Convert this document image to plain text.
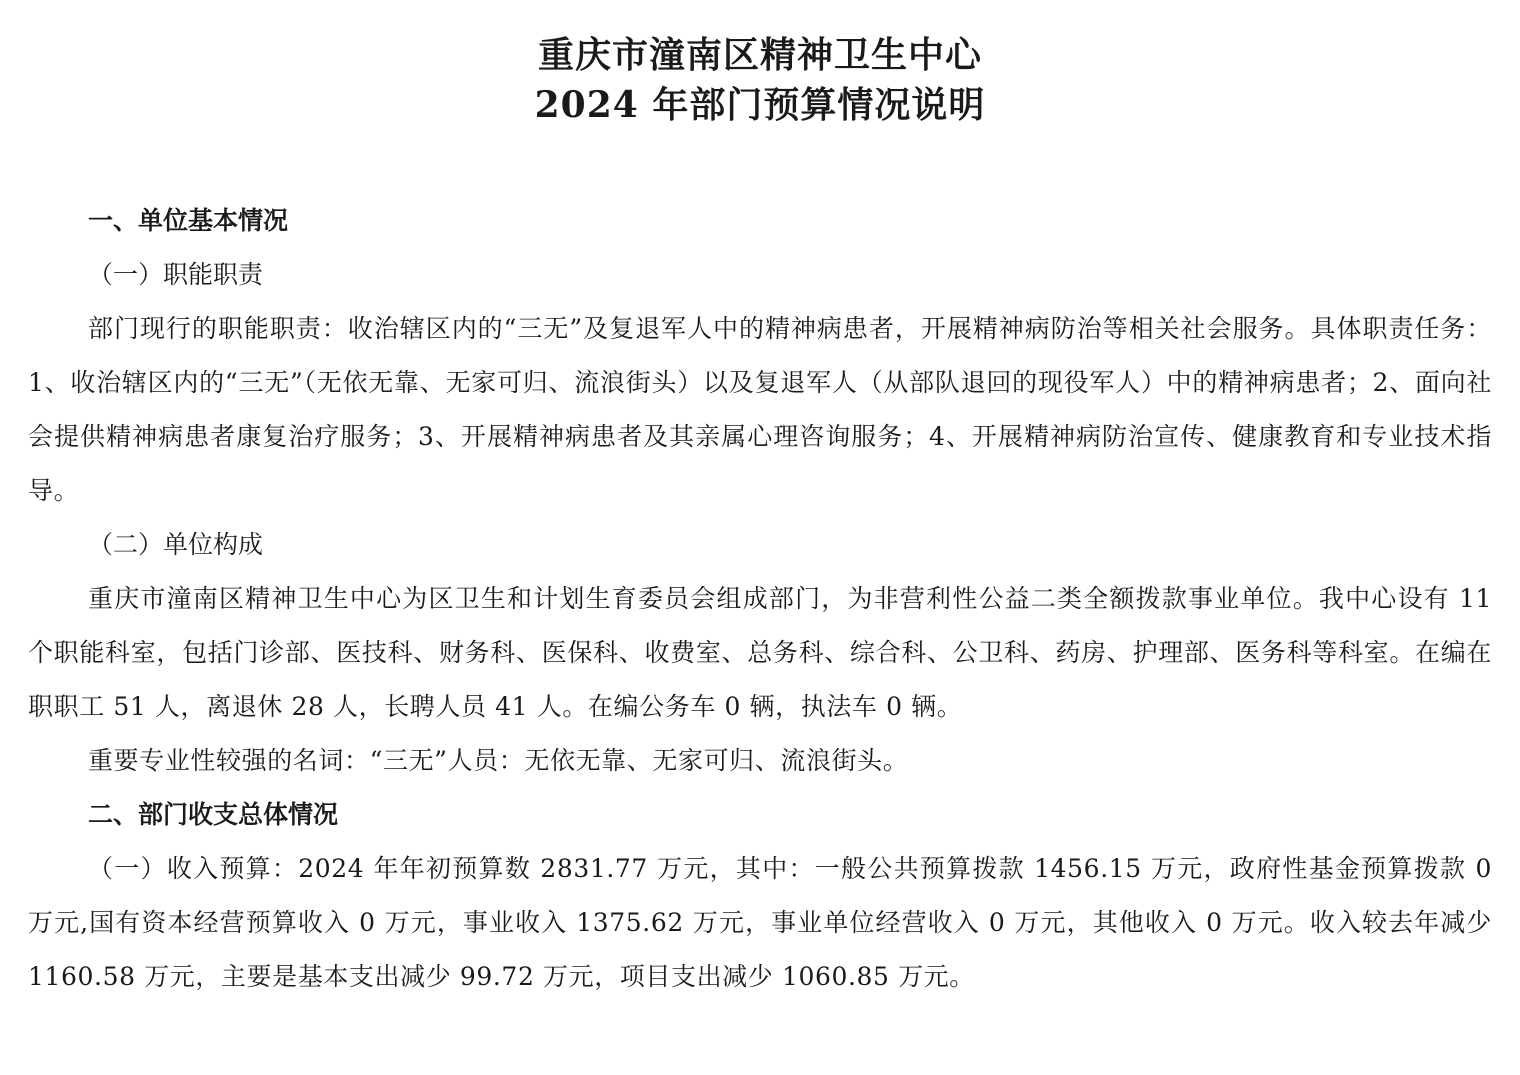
重庆市潼南区精神卫生中心
2024 年部门预算情况说明

一、单位基本情况

（一）职能职责

部门现行的职能职责：收治辖区内的“三无”及复退军人中的精神病患者，开展精神病防治等相关社会服务。具体职责任务：1、收治辖区内的“三无”（无依无靠、无家可归、流浪街头）以及复退军人（从部队退回的现役军人）中的精神病患者；2、面向社会提供精神病患者康复治疗服务；3、开展精神病患者及其亲属心理咨询服务；4、开展精神病防治宣传、健康教育和专业技术指导。

（二）单位构成

重庆市潼南区精神卫生中心为区卫生和计划生育委员会组成部门，为非营利性公益二类全额拨款事业单位。我中心设有 11 个职能科室，包括门诊部、医技科、财务科、医保科、收费室、总务科、综合科、公卫科、药房、护理部、医务科等科室。在编在职职工 51 人，离退休 28 人，长聘人员 41 人。在编公务车 0 辆，执法车 0 辆。

重要专业性较强的名词：“三无”人员：无依无靠、无家可归、流浪街头。

二、部门收支总体情况

（一）收入预算：2024 年年初预算数 2831.77 万元，其中：一般公共预算拨款 1456.15 万元，政府性基金预算拨款 0 万元,国有资本经营预算收入 0 万元，事业收入 1375.62 万元，事业单位经营收入 0 万元，其他收入 0 万元。收入较去年减少 1160.58 万元，主要是基本支出减少 99.72 万元，项目支出减少 1060.85 万元。
